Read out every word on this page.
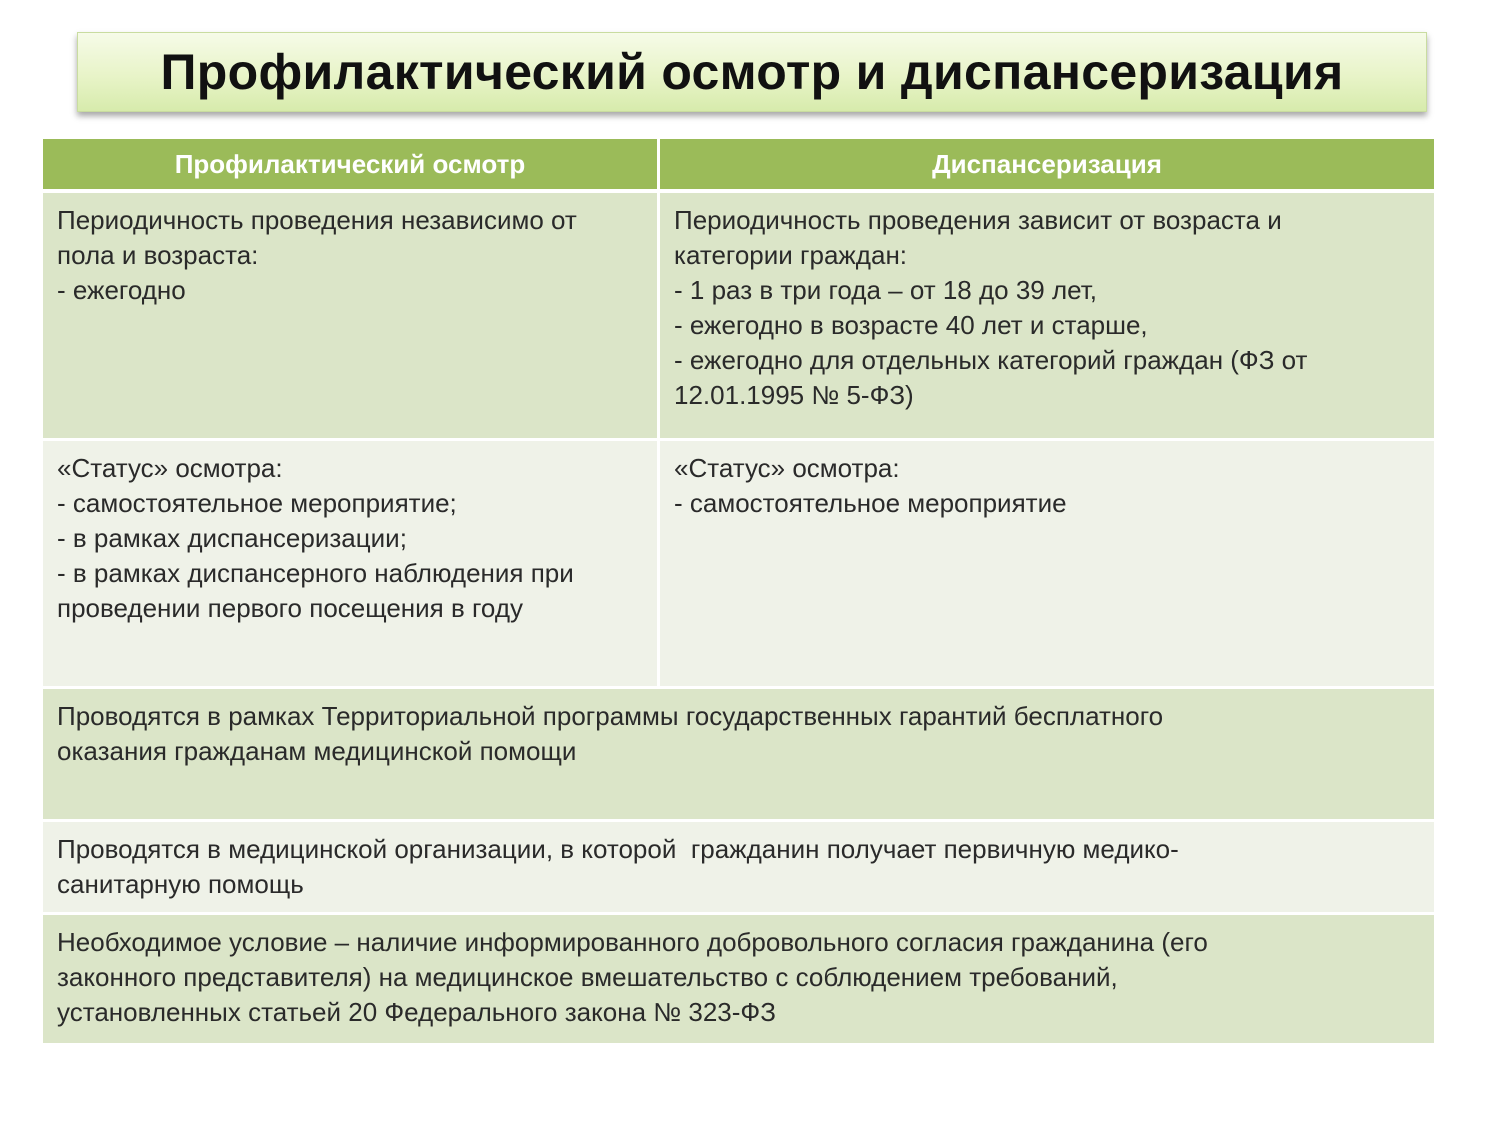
Профилактический осмотр и диспансеризация
Профилактический осмотр	Диспансеризация
Периодичность проведения независимо от
пола и возраста:
- ежегодно
Периодичность проведения зависит от возраста и
категории граждан:
- 1 раз в три года – от 18 до 39 лет,
- ежегодно в возрасте 40 лет и старше,
- ежегодно для отдельных категорий граждан (ФЗ от
12.01.1995 № 5-ФЗ)
«Статус» осмотра:
- самостоятельное мероприятие;
- в рамках диспансеризации;
- в рамках диспансерного наблюдения при
проведении первого посещения в году
«Статус» осмотра:
- самостоятельное мероприятие
Проводятся в рамках Территориальной программы государственных гарантий бесплатного
оказания гражданам медицинской помощи
Проводятся в медицинской организации, в которой  гражданин получает первичную медико-
санитарную помощь
Необходимое условие – наличие информированного добровольного согласия гражданина (его
законного представителя) на медицинское вмешательство с соблюдением требований,
установленных статьей 20 Федерального закона № 323-ФЗ
